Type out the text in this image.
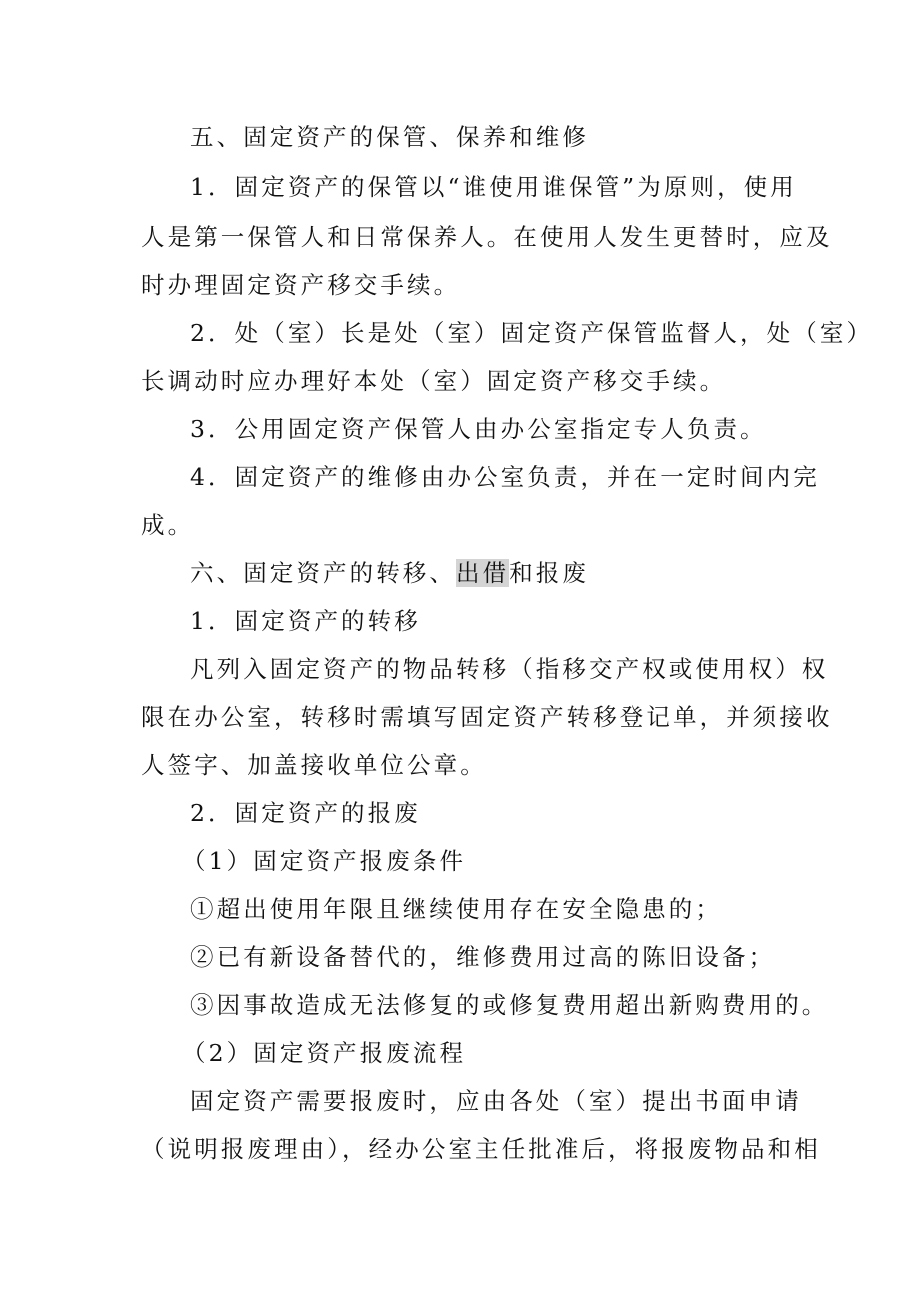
五、固定资产的保管、保养和维修
1．固定资产的保管以“谁使用谁保管”为原则，使用
人是第一保管人和日常保养人。在使用人发生更替时，应及
时办理固定资产移交手续。
2．处（室）长是处（室）固定资产保管监督人，处（室）
长调动时应办理好本处（室）固定资产移交手续。
3．公用固定资产保管人由办公室指定专人负责。
4．固定资产的维修由办公室负责，并在一定时间内完
成。
六、固定资产的转移、出借和报废
1．固定资产的转移
凡列入固定资产的物品转移（指移交产权或使用权）权
限在办公室，转移时需填写固定资产转移登记单，并须接收
人签字、加盖接收单位公章。
2．固定资产的报废
（1）固定资产报废条件
①超出使用年限且继续使用存在安全隐患的；
②已有新设备替代的，维修费用过高的陈旧设备；
③因事故造成无法修复的或修复费用超出新购费用的。
（2）固定资产报废流程
固定资产需要报废时，应由各处（室）提出书面申请
（说明报废理由），经办公室主任批准后，将报废物品和相
